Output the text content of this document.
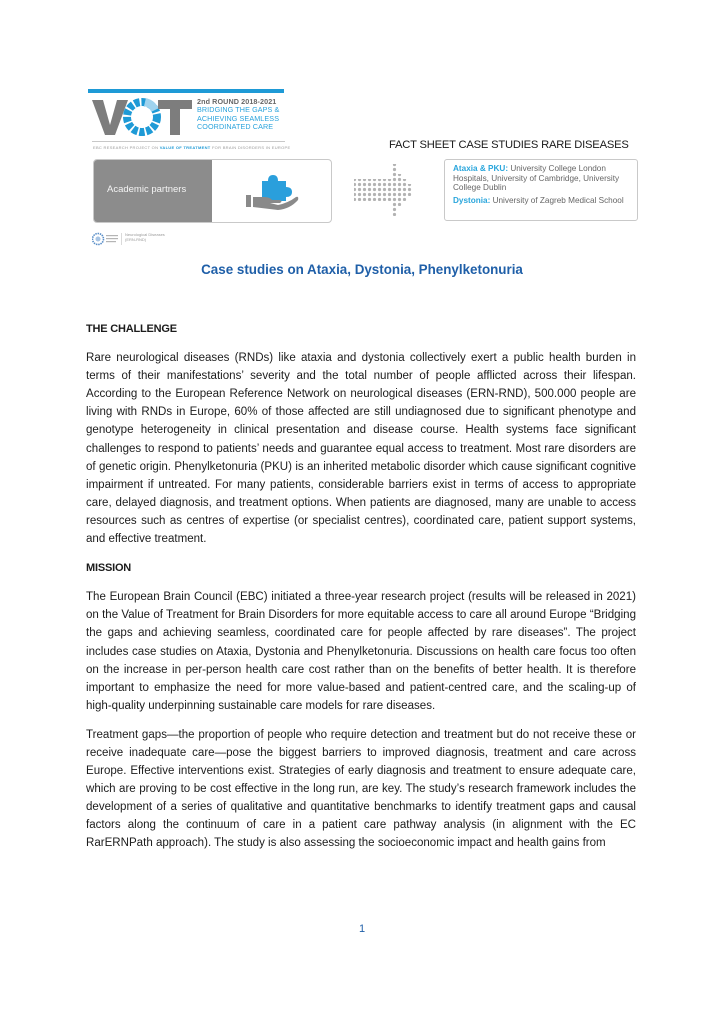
2nd ROUND 2018-2021
BRIDGING THE GAPS &
ACHIEVING SEAMLESS
COORDINATED CARE
EBC RESEARCH PROJECT ON VALUE OF TREATMENT FOR BRAIN DISORDERS IN EUROPE
Academic partners
Neurological Diseases
(ERN-RND)
FACT SHEET CASE STUDIES RARE DISEASES

Ataxia & PKU: University College London Hospitals, University of Cambridge, University College Dublin

Dystonia: University of Zagreb Medical School

Case studies on Ataxia, Dystonia, Phenylketonuria
THE CHALLENGE

Rare neurological diseases (RNDs) like ataxia and dystonia collectively exert a public health burden in terms of their manifestations’ severity and the total number of people afflicted across their lifespan. According to the European Reference Network on neurological diseases (ERN-RND), 500.000 people are living with RNDs in Europe, 60% of those affected are still undiagnosed due to significant phenotype and genotype heterogeneity in clinical presentation and disease course. Health systems face significant challenges to respond to patients’ needs and guarantee equal access to treatment. Most rare disorders are of genetic origin. Phenylketonuria (PKU) is an inherited metabolic disorder which cause significant cognitive impairment if untreated. For many patients, considerable barriers exist in terms of access to appropriate care, delayed diagnosis, and treatment options. When patients are diagnosed, many are unable to access resources such as centres of expertise (or specialist centres), coordinated care, patient support systems, and effective treatment.

MISSION

The European Brain Council (EBC) initiated a three-year research project (results will be released in 2021) on the Value of Treatment for Brain Disorders for more equitable access to care all around Europe “Bridging the gaps and achieving seamless, coordinated care for people affected by rare diseases”. The project includes case studies on Ataxia, Dystonia and Phenylketonuria. Discussions on health care focus too often on the increase in per-person health care cost rather than on the benefits of better health. It is therefore important to emphasize the need for more value-based and patient-centred care, and the scaling-up of high-quality underpinning sustainable care models for rare diseases.

Treatment gaps—the proportion of people who require detection and treatment but do not receive these or receive inadequate care—pose the biggest barriers to improved diagnosis, treatment and care across Europe. Effective interventions exist. Strategies of early diagnosis and treatment to ensure adequate care, which are proving to be cost effective in the long run, are key. The study’s research framework includes the development of a series of qualitative and quantitative benchmarks to identify treatment gaps and causal factors along the continuum of care in a patient care pathway analysis (in alignment with the EC RarERNPath approach). The study is also assessing the socioeconomic impact and health gains from

1
